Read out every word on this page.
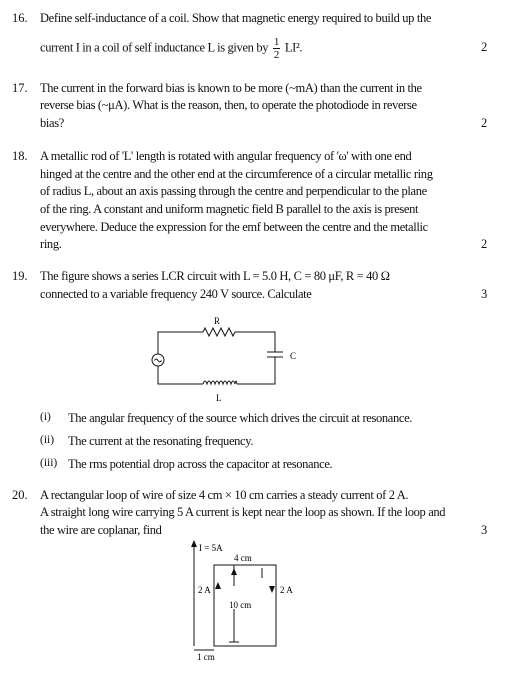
16. Define self-inductance of a coil. Show that magnetic energy required to build up the
current I in a coil of self inductance L is given by $\frac{1}{2} LI^2$.	2
17. The current in the forward bias is known to be more (~mA) than the current in the
reverse bias (~μA). What is the reason, then, to operate the photodiode in reverse
bias?	2
18. A metallic rod of 'L' length is rotated with angular frequency of 'ω' with one end
hinged at the centre and the other end at the circumference of a circular metallic ring
of radius L, about an axis passing through the centre and perpendicular to the plane
of the ring. A constant and uniform magnetic field B parallel to the axis is present
everywhere. Deduce the expression for the emf between the centre and the metallic
ring.	2
19. The figure shows a series LCR circuit with L = 5.0 H, C = 80 μF, R = 40 Ω
connected to a variable frequency 240 V source. Calculate	3
R
C
L
(i) The angular frequency of the source which drives the circuit at resonance.
(ii) The current at the resonating frequency.
(iii) The rms potential drop across the capacitor at resonance.
20. A rectangular loop of wire of size 4 cm × 10 cm carries a steady current of 2 A.
A straight long wire carrying 5 A current is kept near the loop as shown. If the loop and
the wire are coplanar, find	3
I = 5A
4 cm
2 A	2 A
10 cm
1 cm
